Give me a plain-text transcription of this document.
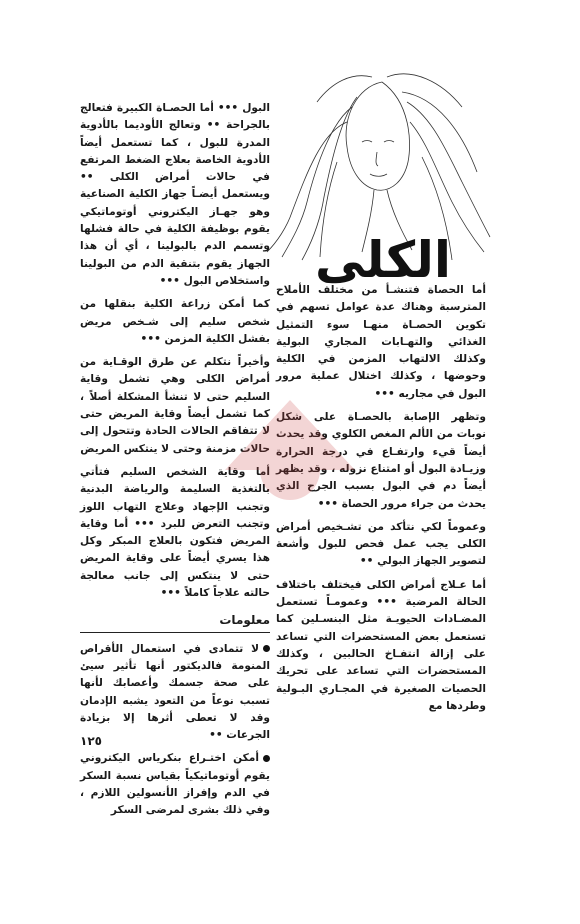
الكلى

البول ••• أما الحصـاة الكبيرة فتعالج بالجراحة •• وتعالج الأوديما بالأدوية المدرة للبول ، كما تستعمل أيضاً الأدوية الخاصة بعلاج الضغط المرتفع في حالات أمراض الكلى •• ويستعمل أيضـاً جهاز الكلية الصناعية وهو جهـاز اليكتروني أوتوماتيكي يقوم بوظيفة الكلية في حالة فشلها وتسمم الدم بالبولينا ، أي أن هذا الجهاز يقوم بتنقية الدم من البولينا واستخلاص البول •••

كما أمكن زراعة الكلية بنقلها من شخص سليم إلى شـخص مريض بفشل الكلية المزمن •••

وأخيراً نتكلم عن طرق الوقـاية من أمراض الكلى وهي تشمل وقاية السليم حتى لا تنشأ المشكلة أصلاً ، كما تشمل أيضاً وقاية المريض حتى لا تتفاقم الحالات الحادة وتتحول إلى حالات مزمنة وحتى لا ينتكس المريض

أما وقاية الشخص السليم فتأتي بالتغذية السليمة والرياضة البدنية وتجنب الإجهاد وعلاج التهاب اللوز وتجنب التعرض للبرد ••• أما وقاية المريض فتكون بالعلاج المبكر وكل هذا يسري أيضاً على وقاية المريض حتى لا ينتكس إلى جانب معالجة حالته علاجاً كاملاً •••

معلومات

لا تتمادى في استعمال الأقراص المنومة فالديكتور أنها تأثير سيئ على صحة جسمك وأعصابك لأنها تسبب نوعاً من التعود يشبه الإدمان وقد لا تعطى أثرها إلا بزيادة الجرعات ••

أمكن اختـراع بنكرياس اليكتروني يقوم أوتوماتيكياً بقياس نسبة السكر في الدم وإفراز الأنسولين اللازم ، وفي ذلك بشرى لمرضى السكر

أما الحصاة فتنشـأ من مختلف الأملاح المترسبة وهناك عدة عوامل تسهم في تكوين الحصـاة منهـا سوء التمثيل الغذائي والتهـابات المجاري البولية وكذلك الالتهاب المزمن في الكلية وحوضها ، وكذلك اختلال عملية مرور البول في مجاريه •••

وتظهر الإصابة بالحصـاة على شكل نوبات من الألم المغص الكلوي وقد يحدث أيضاً قيء وارتفـاع في درجة الحرارة وزيـادة البول أو امتناع نزوله ، وقد يظهر أيضاً دم في البول بسبب الجرح الذي يحدث من جراء مرور الحصاة •••

وعموماً لكي نتأكد من تشـخيص أمراض الكلى يجب عمل فحص للبول وأشعة لتصوير الجهاز البولي ••

أما عـلاج أمراض الكلى فيختلف باختلاف الحالة المرضية ••• وعمومـاً تستعمل المضـادات الحيويـة مثل البنسـلين كما تستعمل بعض المستحضرات التي تساعد على إزالة انتفـاخ الحالبين ، وكذلك المستحضرات التي تساعد على تحريك الحصيات الصغيرة في المجـاري البـولية وطردها مع

١٢٥
